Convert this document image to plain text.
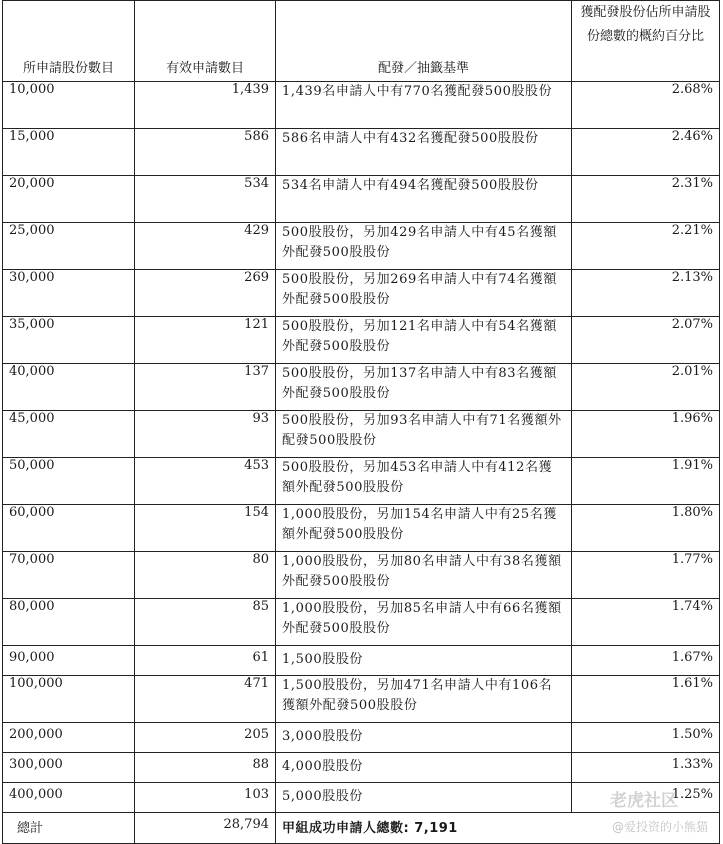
所申請股份數目	有效申請數目	配發／抽籤基準	獲配發股份佔所申請股份總數的概約百分比
10,000	1,439	1,439名申請人中有770名獲配發500股股份	2.68%
15,000	586	586名申請人中有432名獲配發500股股份	2.46%
20,000	534	534名申請人中有494名獲配發500股股份	2.31%
25,000	429	500股股份，另加429名申請人中有45名獲額外配發500股股份	2.21%
30,000	269	500股股份，另加269名申請人中有74名獲額外配發500股股份	2.13%
35,000	121	500股股份，另加121名申請人中有54名獲額外配發500股股份	2.07%
40,000	137	500股股份，另加137名申請人中有83名獲額外配發500股股份	2.01%
45,000	93	500股股份，另加93名申請人中有71名獲額外配發500股股份	1.96%
50,000	453	500股股份，另加453名申請人中有412名獲額外配發500股股份	1.91%
60,000	154	1,000股股份，另加154名申請人中有25名獲額外配發500股股份	1.80%
70,000	80	1,000股股份，另加80名申請人中有38名獲額外配發500股股份	1.77%
80,000	85	1,000股股份，另加85名申請人中有66名獲額外配發500股股份	1.74%
90,000	61	1,500股股份	1.67%
100,000	471	1,500股股份，另加471名申請人中有106名獲額外配發500股股份	1.61%
200,000	205	3,000股股份	1.50%
300,000	88	4,000股股份	1.33%
400,000	103	5,000股股份	1.25%
總計	28,794	甲組成功申請人總數: 7,191	
老虎社区
@爱投资的小熊猫
